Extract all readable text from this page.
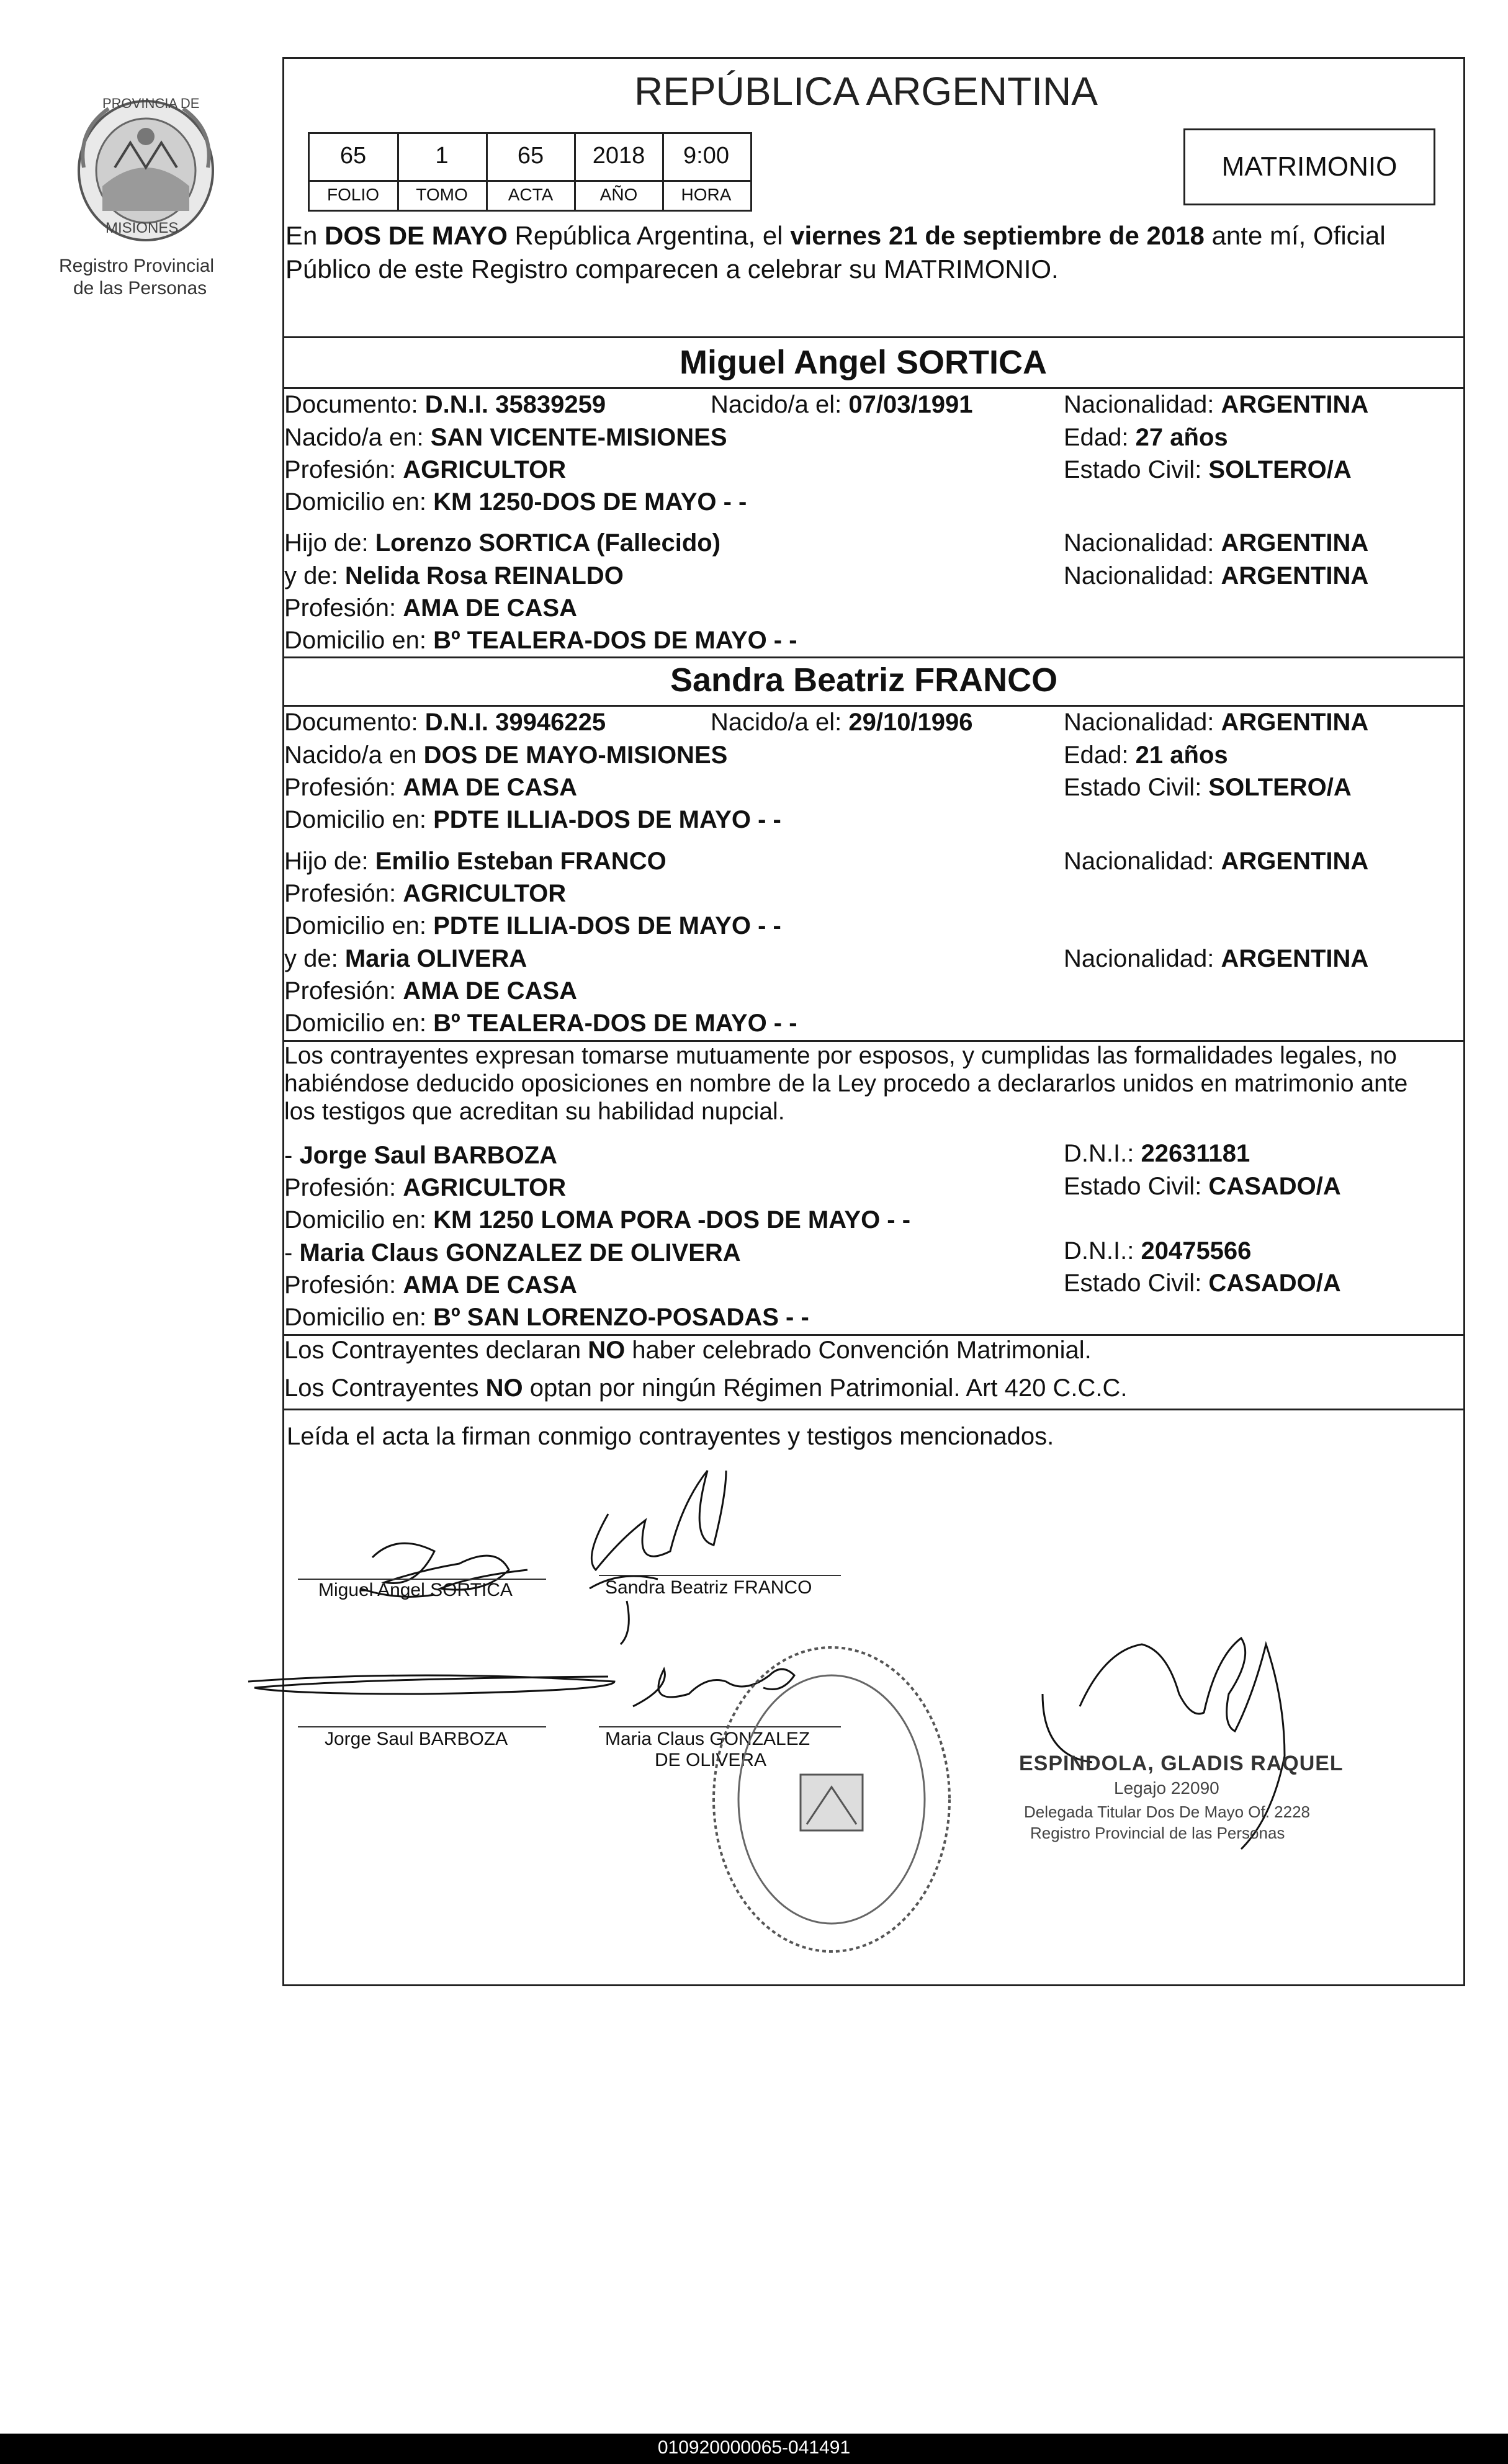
PROVINCIA DE
MISIONES
Registro Provincial
de las Personas
REPÚBLICA ARGENTINA
65	1	65	2018	9:00
FOLIO	TOMO	ACTA	AÑO	HORA
MATRIMONIO
En DOS DE MAYO República Argentina, el viernes 21 de septiembre de 2018 ante mí, Oficial
Público de este Registro comparecen a celebrar su MATRIMONIO.
Miguel Angel SORTICA
Documento: D.N.I. 35839259	Nacido/a el: 07/03/1991	Nacionalidad: ARGENTINA
Nacido/a en: SAN VICENTE-MISIONES	Edad: 27 años
Profesión: AGRICULTOR	Estado Civil: SOLTERO/A
Domicilio en: KM 1250-DOS DE MAYO - -
Hijo de: Lorenzo SORTICA (Fallecido)	Nacionalidad: ARGENTINA
y de: Nelida Rosa REINALDO	Nacionalidad: ARGENTINA
Profesión: AMA DE CASA
Domicilio en: Bº TEALERA-DOS DE MAYO - -
Sandra Beatriz FRANCO
Documento: D.N.I. 39946225	Nacido/a el: 29/10/1996	Nacionalidad: ARGENTINA
Nacido/a en DOS DE MAYO-MISIONES	Edad: 21 años
Profesión: AMA DE CASA	Estado Civil: SOLTERO/A
Domicilio en: PDTE ILLIA-DOS DE MAYO - -
Hijo de: Emilio Esteban FRANCO	Nacionalidad: ARGENTINA
Profesión: AGRICULTOR
Domicilio en: PDTE ILLIA-DOS DE MAYO - -
y de: Maria OLIVERA	Nacionalidad: ARGENTINA
Profesión: AMA DE CASA
Domicilio en: Bº TEALERA-DOS DE MAYO - -
Los contrayentes expresan tomarse mutuamente por esposos, y cumplidas las formalidades legales, no
habiéndose deducido oposiciones en nombre de la Ley procedo a declararlos unidos en matrimonio ante
los testigos que acreditan su habilidad nupcial.
- Jorge Saul BARBOZA	D.N.I.: 22631181
Profesión: AGRICULTOR	Estado Civil: CASADO/A
Domicilio en: KM 1250 LOMA PORA -DOS DE MAYO - -
- Maria Claus GONZALEZ DE OLIVERA	D.N.I.: 20475566
Profesión: AMA DE CASA	Estado Civil: CASADO/A
Domicilio en: Bº SAN LORENZO-POSADAS - -
Los Contrayentes declaran NO haber celebrado Convención Matrimonial.
Los Contrayentes NO optan por ningún Régimen Patrimonial. Art 420 C.C.C.
Leída el acta la firman conmigo contrayentes y testigos mencionados.
Miguel Angel SORTICA	Sandra Beatriz FRANCO
Jorge Saul BARBOZA	Maria Claus GONZALEZ
DE OLIVERA	ESPINDOLA, GLADIS RAQUEL
Legajo 22090
Delegada Titular Dos De Mayo Of. 2228
Registro Provincial de las Personas
010920000065-041491
